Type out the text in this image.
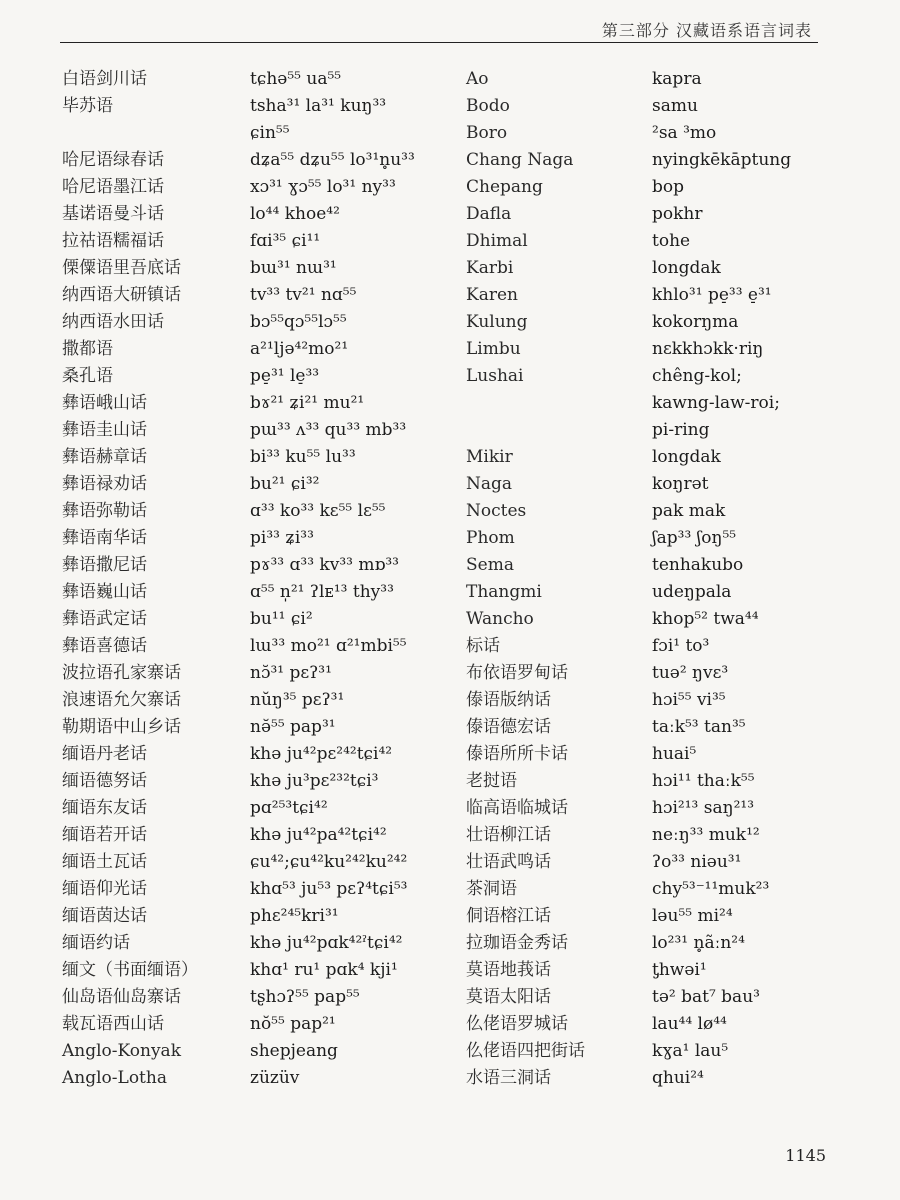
第三部分 汉藏语系语言词表
白语剑川话
毕苏语
哈尼语绿春话
哈尼语墨江话
基诺语曼斗话
拉祜语糯福话
傈僳语里吾底话
纳西语大研镇话
纳西语水田话
撒都语
桑孔语
彝语峨山话
彝语圭山话
彝语赫章话
彝语禄劝话
彝语弥勒话
彝语南华话
彝语撒尼话
彝语巍山话
彝语武定话
彝语喜德话
波拉语孔家寨话
浪速语允欠寨话
勒期语中山乡话
缅语丹老话
缅语德努话
缅语东友话
缅语若开话
缅语土瓦话
缅语仰光话
缅语茵达话
缅语约话
缅文（书面缅语）
仙岛语仙岛寨话
载瓦语西山话
Anglo-Konyak
Anglo-Lotha
tɕhə⁵⁵ ua⁵⁵
tsha³¹ la³¹ kuŋ³³
ɕin⁵⁵
dʑa⁵⁵ dʑu⁵⁵ lo³¹n̥u³³
xɔ³¹ ɣɔ⁵⁵ lo³¹ ny³³
lo⁴⁴ khoe⁴²
fɑi³⁵ ɕi¹¹
bɯ³¹ nɯ³¹
tv³³ tv²¹ nɑ⁵⁵
bɔ⁵⁵qɔ⁵⁵lɔ⁵⁵
a²¹ljə⁴²mo²¹
pe̠³¹ le̠³³
bɤ²¹ ʑi²¹ mu²¹
pɯ³³ ʌ³³ qu³³ mb³³
bi³³ ku⁵⁵ lu³³
bu²¹ ɕi³²
ɑ³³ ko³³ kɛ⁵⁵ lɛ⁵⁵
pi³³ ʑi³³
pɤ³³ ɑ³³ kv³³ mɒ³³
ɑ⁵⁵ n̩²¹ ʔlᴇ¹³ thy³³
bu¹¹ ɕi²
lɯ³³ mo²¹ ɑ²¹mbi⁵⁵
nɔ̆³¹ pɛʔ³¹
nŭŋ³⁵ pɛʔ³¹
nə̆⁵⁵ pap³¹
khə ju⁴²pɛ²⁴²tɕi⁴²
khə ju³pɛ²³²tɕi³
pɑ²⁵³tɕi⁴²
khə ju⁴²pa⁴²tɕi⁴²
ɕu⁴²;ɕu⁴²ku²⁴²ku²⁴²
khɑ⁵³ ju⁵³ pɛʔ⁴tɕi⁵³
phɛ²⁴⁵kri³¹
khə ju⁴²pɑk⁴²ˀtɕi⁴²
khɑ¹ ru¹ pɑk⁴ kji¹
tʂhɔʔ⁵⁵ pap⁵⁵
nŏ⁵⁵ pap²¹
shepjeang
züzüv
Ao
Bodo
Boro
Chang Naga
Chepang
Dafla
Dhimal
Karbi
Karen
Kulung
Limbu
Lushai
Mikir
Naga
Noctes
Phom
Sema
Thangmi
Wancho
标话
布依语罗甸话
傣语版纳话
傣语德宏话
傣语所所卡话
老挝语
临高语临城话
壮语柳江话
壮语武鸣话
茶洞语
侗语榕江话
拉珈语金秀话
莫语地莪话
莫语太阳话
仫佬语罗城话
仫佬语四把街话
水语三洞话
kapra
samu
²sa ³mo
nyingkēkāptung
bop
pokhr
tohe
longdak
khlo³¹ pe̠³³ e̠³¹
kokorŋma
nɛkkhɔkk·riŋ
chêng-kol;
kawng-law-roi;
pi-ring
longdak
koŋrət
pak mak
ʃap³³ ʃoŋ⁵⁵
tenhakubo
udeŋpala
khop⁵² twa⁴⁴
fɔi¹ to³
tuə² ŋvɛ³
hɔi⁵⁵ vi³⁵
taːk⁵³ tan³⁵
huai⁵
hɔi¹¹ thaːk⁵⁵
hɔi²¹³ saŋ²¹³
neːŋ³³ muk¹²
ʔo³³ niəu³¹
chy⁵³⁻¹¹muk²³
ləu⁵⁵ mi²⁴
lo²³¹ n̥ãːn²⁴
ƫhwəi¹
tə² bat⁷ bau³
lau⁴⁴ lø⁴⁴
kɣa¹ lau⁵
qhui²⁴
1145
